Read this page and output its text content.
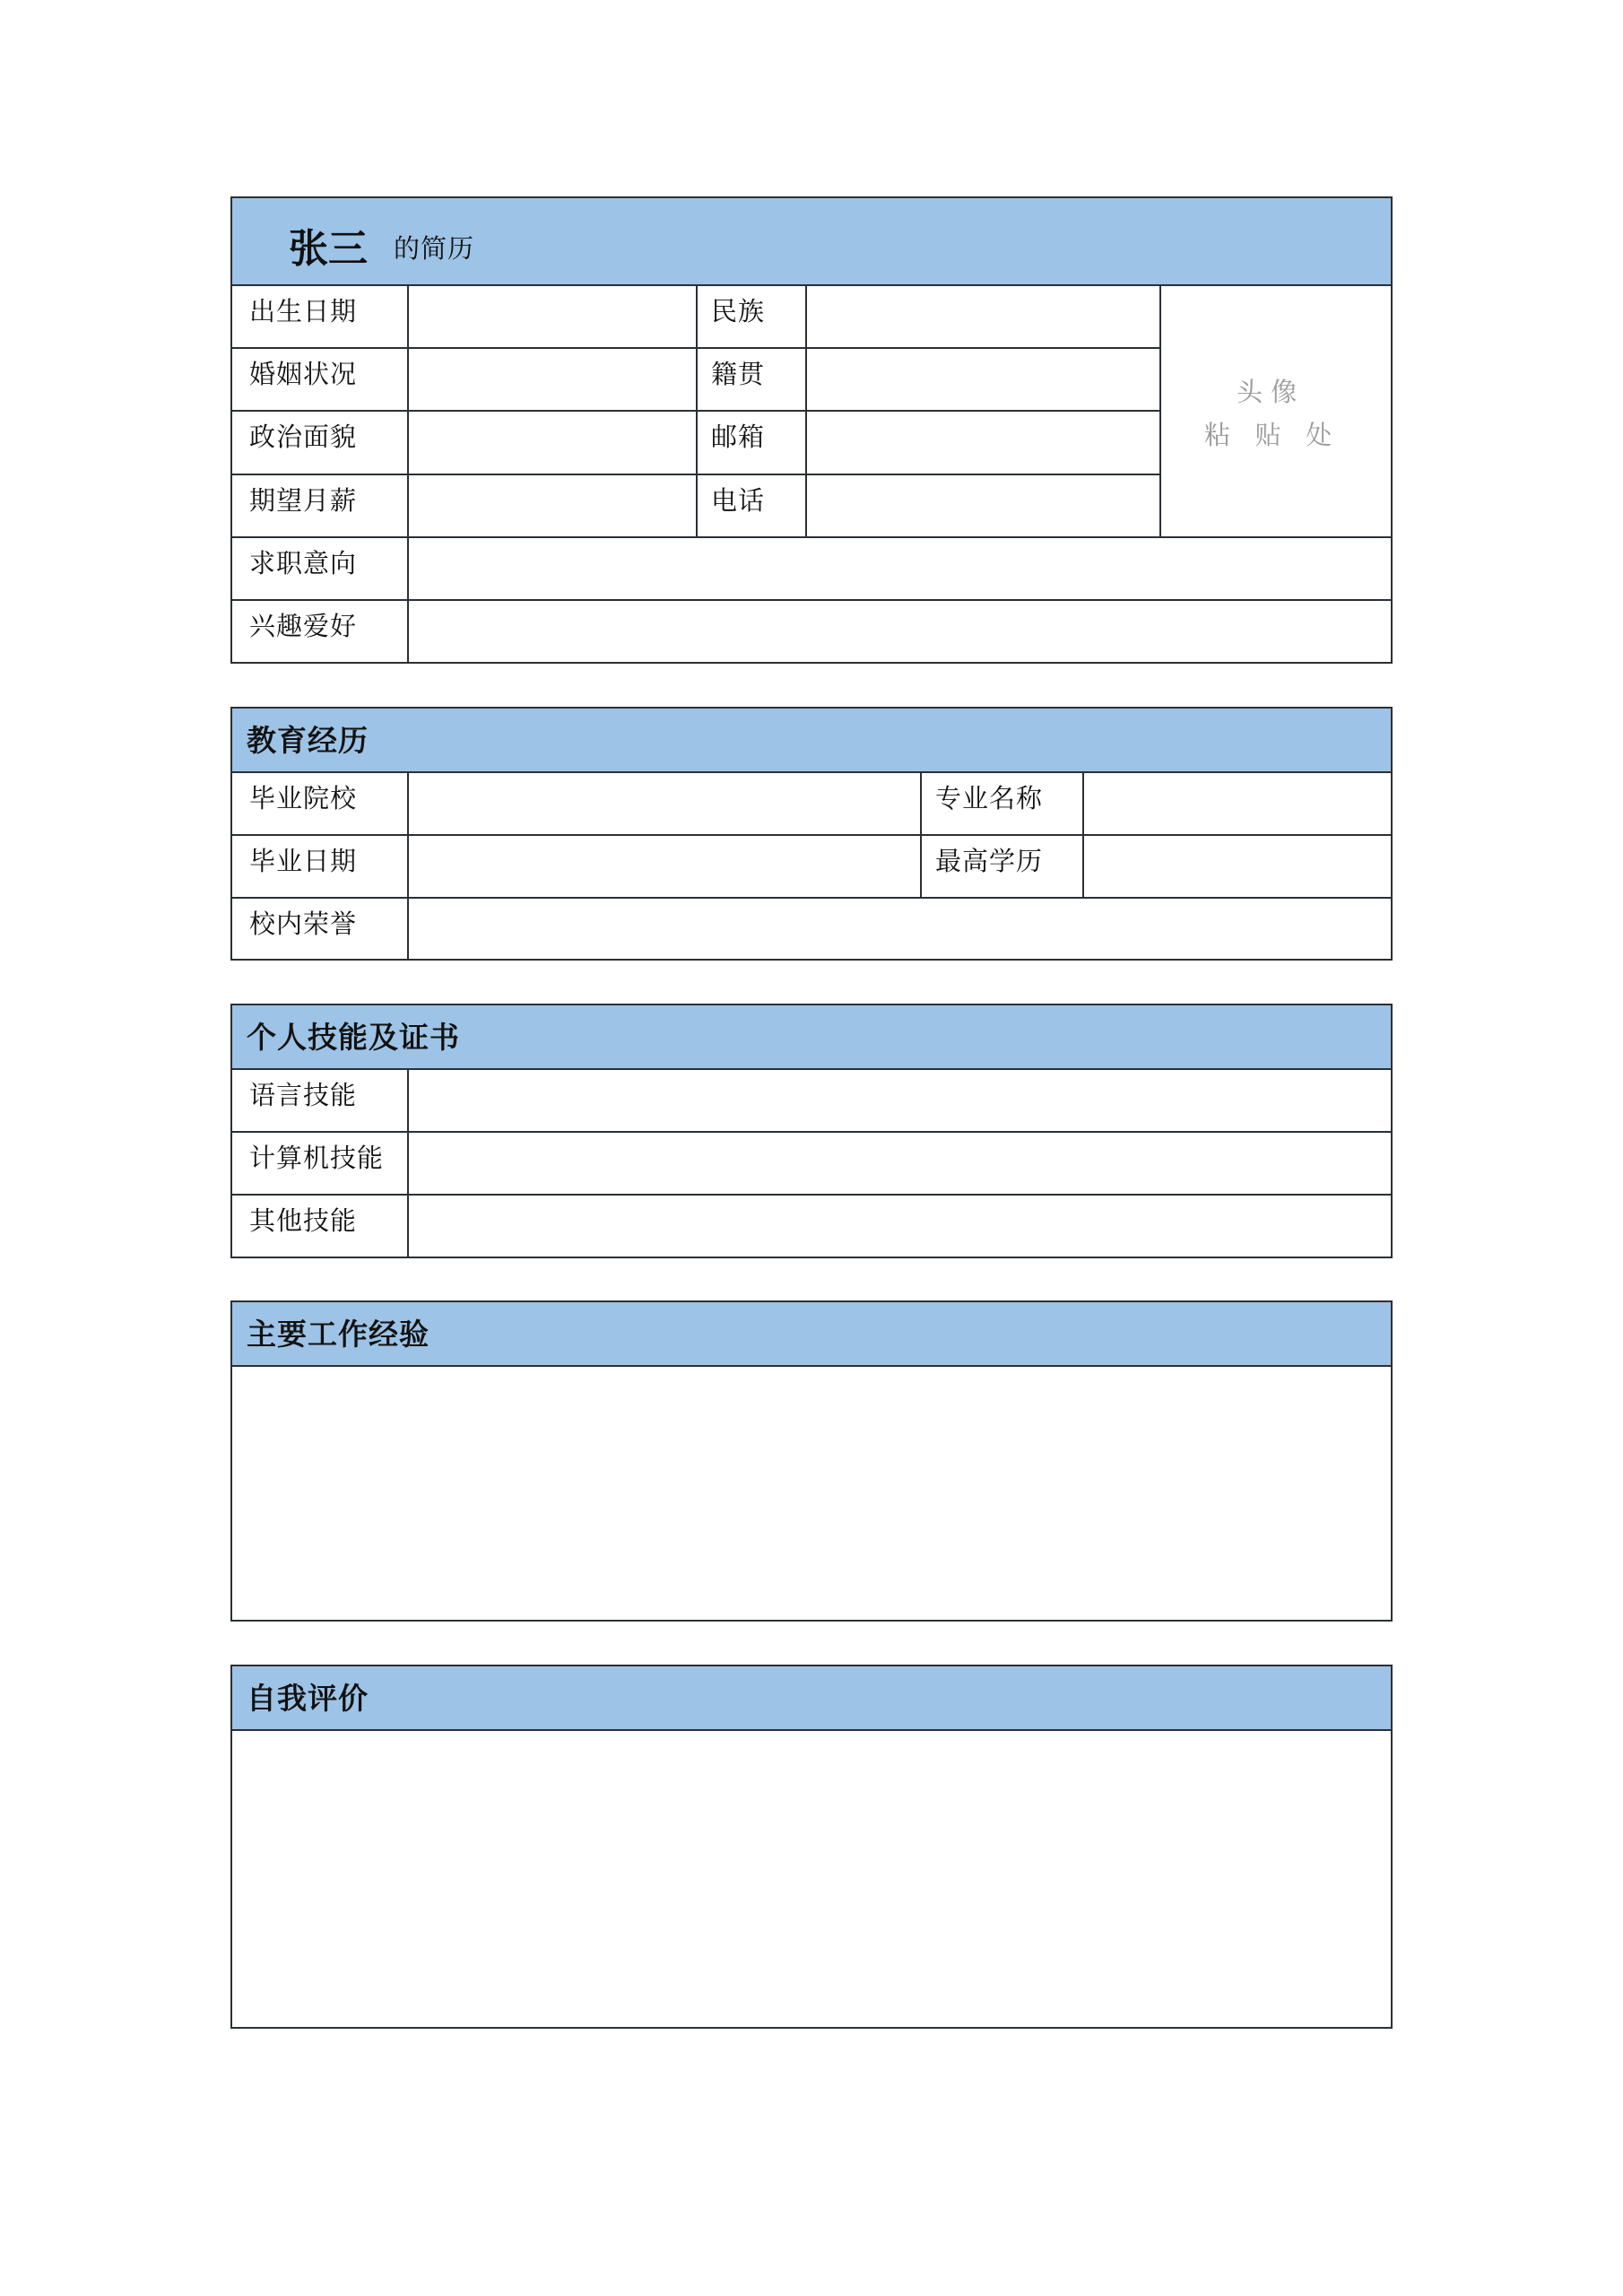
张三 的简历
出生日期	民族
婚姻状况	籍贯
政治面貌	邮箱
期望月薪	电话
头 像
粘   贴   处
求职意向
兴趣爱好
教育经历
毕业院校	专业名称
毕业日期	最高学历
校内荣誉
个人技能及证书
语言技能
计算机技能
其他技能
主要工作经验
自我评价
